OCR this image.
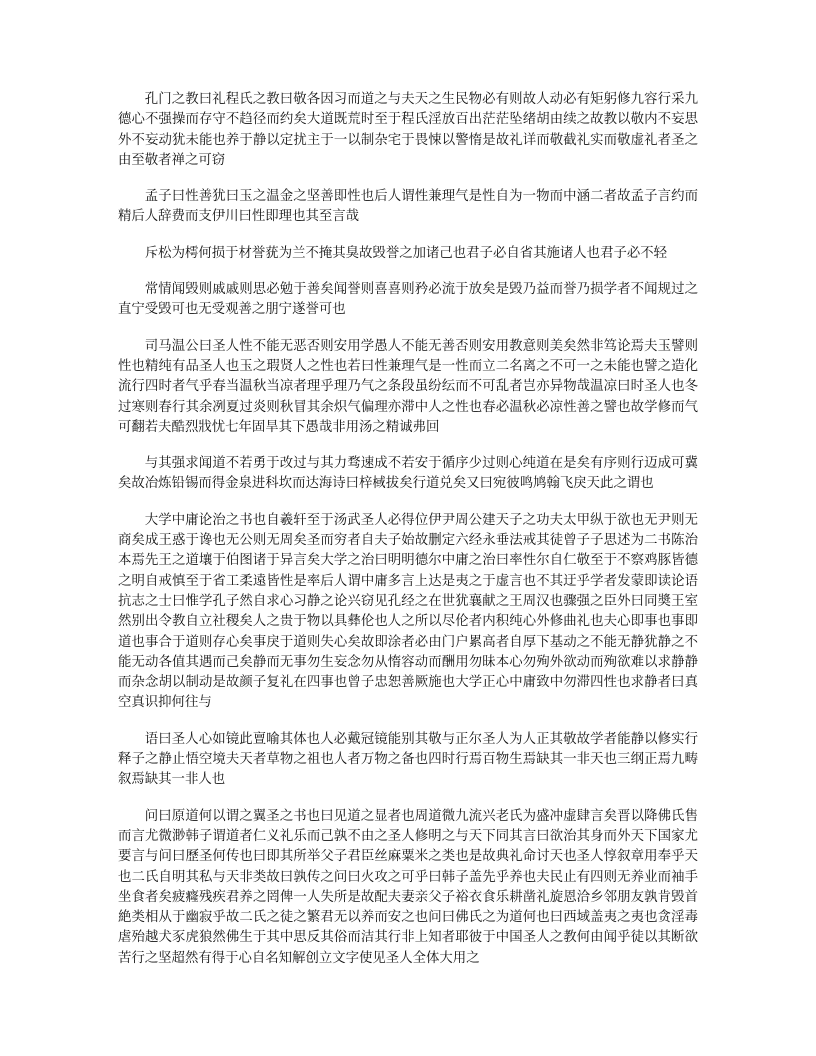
孔门之教曰礼程氏之教曰敬各因习而道之与夫天之生民物必有则故人动必有矩躬修九容行采九德心不强操而存守不趋径而约矣大道既荒时至于程氏淫放百出茫茫坠绪胡由续之故教以敬内不妄思外不妄动犹未能也养于静以定扰主于一以制杂宅于畏悚以警惰是故礼详而敬截礼实而敬虚礼者圣之由至敬者禅之可窃

孟子曰性善犹曰玉之温金之坚善即性也后人谓性兼理气是性自为一物而中涵二者故孟子言约而精后人辞费而支伊川曰性即理也其至言哉

斥松为樗何损于材誉莸为兰不掩其臭故毁誉之加诸己也君子必自省其施诸人也君子必不轻

常情闻毁则戚戚则思必勉于善矣闻誉则喜喜则矜必流于放矣是毁乃益而誉乃损学者不闻规过之直宁受毁可也无受观善之朋宁遂誉可也

司马温公曰圣人性不能无恶否则安用学愚人不能无善否则安用教意则美矣然非笃论焉夫玉譬则性也精纯有品圣人也玉之瑕贤人之性也若曰性兼理气是一性而立二名离之不可一之未能也譬之造化流行四时者气乎春当温秋当凉者理乎理乃气之条段虽纷纭而不可乱者岂亦异物哉温凉曰时圣人也冬过寒则春行其余冽夏过炎则秋冒其余炽气偏理亦滞中人之性也春必温秋必凉性善之譬也故学修而气可翻若夫酷烈戕忧七年固旱其下愚哉非用汤之精诚弗回

与其强求闻道不若勇于改过与其力骛速成不若安于循序少过则心纯道在是矣有序则行迈成可冀矣故冶炼铅锡而得金泉进科坎而达海诗曰梓棫拔矣行道兑矣又曰宛彼鸣鸠翰飞戾天此之谓也

大学中庸论治之书也自羲轩至于汤武圣人必得位伊尹周公建天子之功夫太甲纵于欲也无尹则无商矣成王惑于谗也无公则无周矣圣而穷者自夫子始故删定六经永垂法戒其徒曾子子思述为二书陈治本焉先王之道壤于伯图诸于异言矣大学之治曰明明德尔中庸之治曰率性尔自仁敬至于不察鸡豚皆德之明自戒慎至于省工柔遠皆性是率后人谓中庸多言上达是夷之于虚言也不其迂乎学者发蒙即读论语抗志之士曰惟学孔子然自求心习静之论兴窃见孔经之在世犹襄献之王周汉也骤强之臣外曰同奬王室然别出令教自立社稷矣人之贵于物以具彝伦也人之所以尽伦者内积纯心外修曲礼也夫心即事也事即道也事合于道则存心矣事戾于道则失心矣故即涂者必由门户累高者自厚下基动之不能无静犹静之不能无动各值其遇而己矣静而无事勿生妄念勿从惰容动而酬用勿昧本心勿殉外欲动而殉欲难以求静静而杂念胡以制动是故颜子复礼在四事也曾子忠恕善厥施也大学正心中庸致中勿滞四性也求静者曰真空真识抑何往与

语曰圣人心如镜此亶喻其体也人必戴冠镜能别其敬与正尔圣人为人正其敬故学者能静以修实行释子之静止悟空境夫天者草物之祖也人者万物之备也四时行焉百物生焉缺其一非天也三纲正焉九畴叙焉缺其一非人也

问曰原道何以谓之翼圣之书也曰见道之显者也周道微九流兴老氏为盛冲虚肆言矣晋以降佛氏售而言尤微渺韩子谓道者仁义礼乐而己孰不由之圣人修明之与天下同其言曰欲治其身而外天下国家尤要言与问曰歷圣何传也曰即其所举父子君臣丝麻粟米之类也是故典礼命讨天也圣人惇叙章用奉乎天也二氏自明其私与天非类故曰孰传之问曰火攻之可乎曰韩子盖先乎养也夫民止有四则无养业而袖手坐食者矣疲癃残疾君养之罔俾一人失所是故配夫妻亲父子裕衣食乐耕凿礼旋恩洽乡邻朋友孰肯毁首絶类相从于幽寂乎故二氏之徒之繁君无以养而安之也问曰佛氏之为道何也曰西域盖夷之夷也贪淫毒虐殆越犬豕虎狼然佛生于其中思反其俗而洁其行非上知者耶彼于中国圣人之教何由闻乎徒以其断欲苦行之坚超然有得于心自名知解创立文字使见圣人全体大用之
